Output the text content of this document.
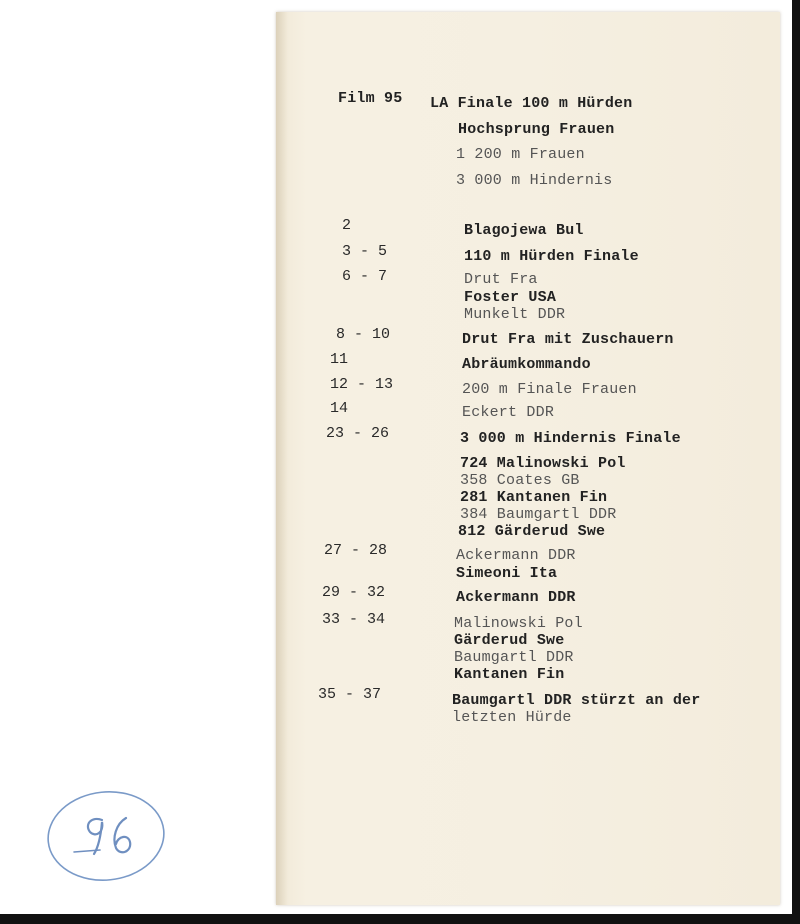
Film 95 LA Finale 100 m Hürden
Hochsprung Frauen
1 200 m Frauen
3 000 m Hindernis
2	Blagojewa Bul
3 - 5	110 m Hürden Finale
6 - 7	Drut Fra
Foster USA
Munkelt DDR
8 - 10	Drut Fra mit Zuschauern
11	Abräumkommando
12 - 13	200 m Finale Frauen
14	Eckert DDR
23 - 26	3 000 m Hindernis Finale
724 Malinowski Pol
358 Coates GB
281 Kantanen Fin
384 Baumgartl DDR
812 Gärderud Swe
27 - 28	Ackermann DDR
Simeoni Ita
29 - 32	Ackermann DDR
33 - 34	Malinowski Pol
Gärderud Swe
Baumgartl DDR
Kantanen Fin
35 - 37	Baumgartl DDR stürzt an der
letzten Hürde
